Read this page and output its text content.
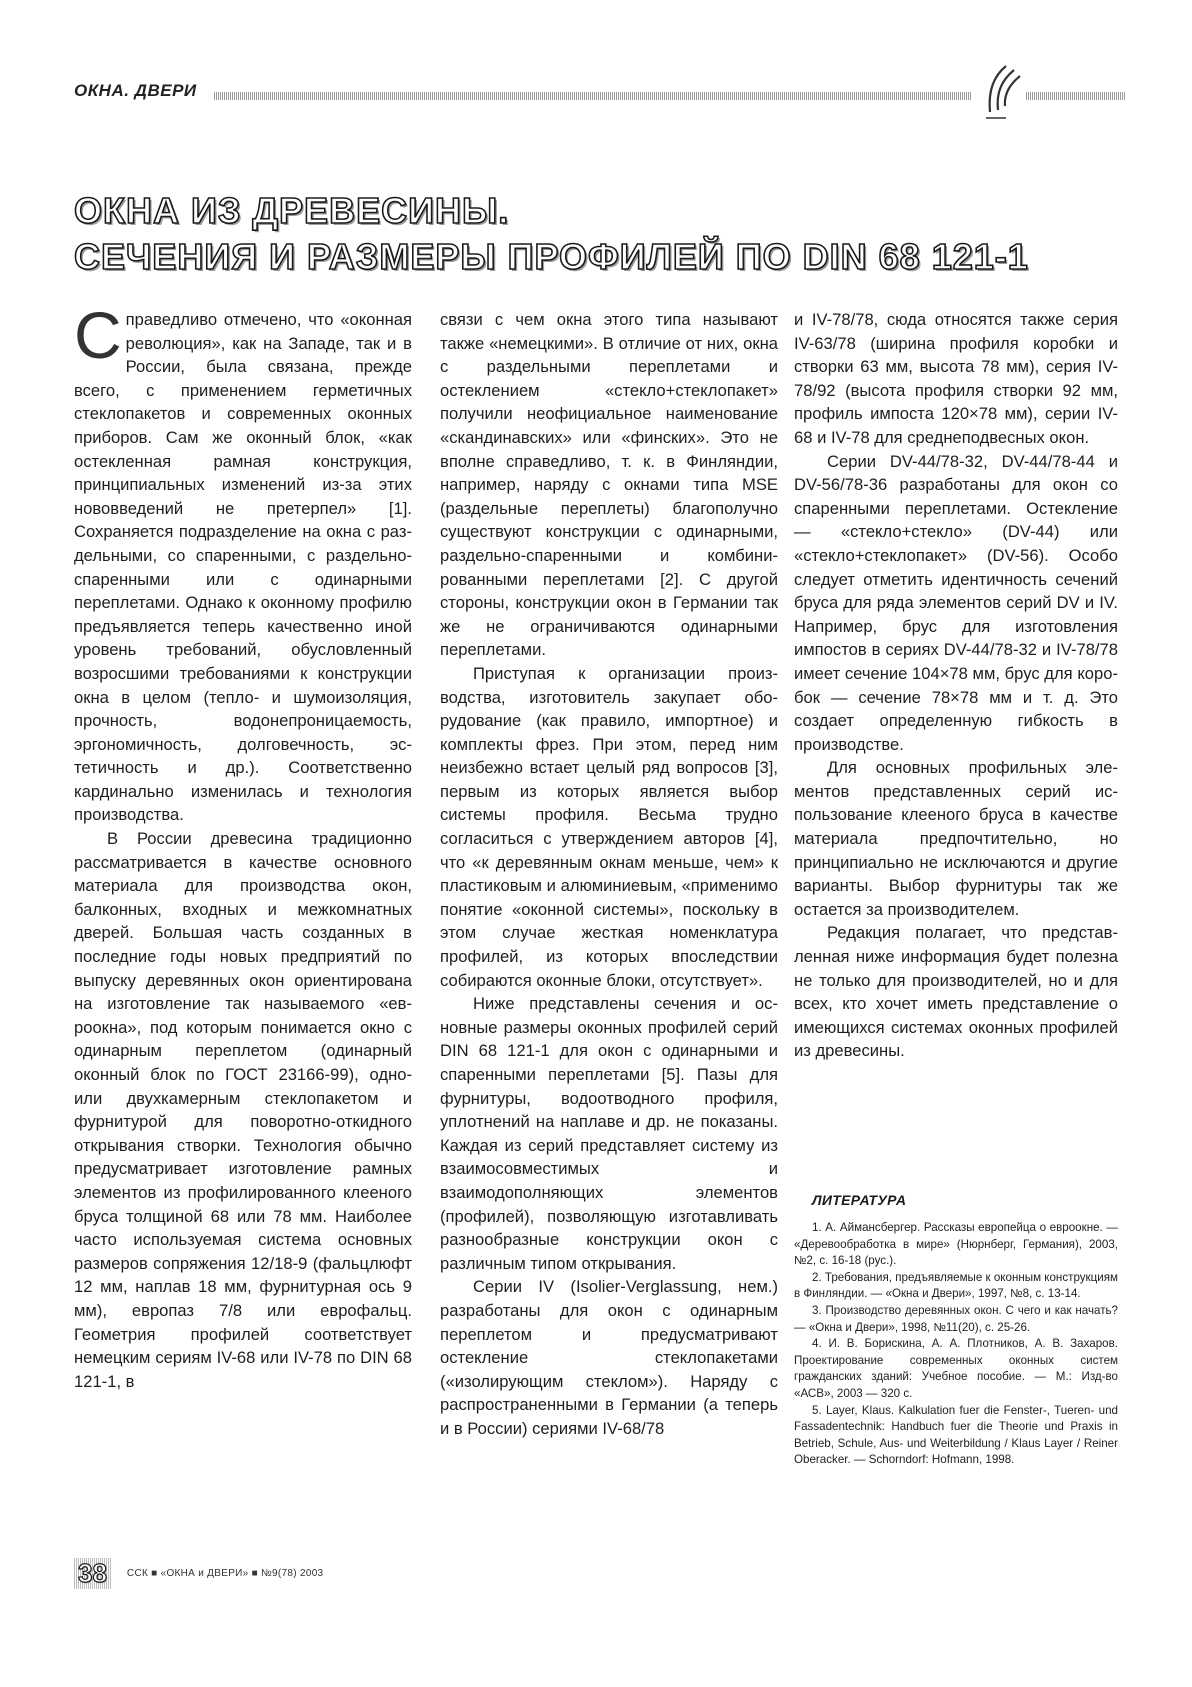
ОКНА. ДВЕРИ
ОКНА ИЗ ДРЕВЕСИНЫ.
СЕЧЕНИЯ И РАЗМЕРЫ ПРОФИЛЕЙ ПО DIN 68 121-1

Справедливо отмечено, что «оконная революция», как на Западе, так и в России, была связана, прежде всего, с применением герметичных стеклопакетов и современных оконных приборов. Сам же оконный блок, «как остекленная рамная конструкция, принципиальных изменений из-за этих нововведений не претерпел» [1]. Сохраняется подразделение на окна с раздельными, со спаренными, с раздельно-спаренными или с одинарными переплетами. Однако к оконному профилю предъявляется теперь качественно иной уровень требований, обусловленный возросшими требованиями к конструкции окна в целом (тепло- и шумоизоляция, прочность, водонепроницаемость, эргономичность, долговечность, эстетичность и др.). Соответственно кардинально изменилась и технология производства.

В России древесина традиционно рассматривается в качестве основного материала для производства окон, балконных, входных и межкомнатных дверей. Большая часть созданных в последние годы новых предприятий по выпуску деревянных окон ориентирована на изготовление так называемого «евроокна», под которым понимается окно с одинарным переплетом (одинарный оконный блок по ГОСТ 23166-99), одно- или двухкамерным стеклопакетом и фурнитурой для поворотно-откидного открывания створки. Технология обычно предусматривает изготовление рамных элементов из профилированного клееного бруса толщиной 68 или 78 мм. Наиболее часто используемая система основных размеров сопряжения 12/18-9 (фальцлюфт 12 мм, наплав 18 мм, фурнитурная ось 9 мм), европаз 7/8 или еврофальц. Геометрия профилей соответствует немецким сериям IV-68 или IV-78 по DIN 68 121-1, в

связи с чем окна этого типа называют также «немецкими». В отличие от них, окна с раздельными переплетами и остеклением «стекло+стеклопакет» получили неофициальное наименование «скандинавских» или «финских». Это не вполне справедливо, т. к. в Финляндии, например, наряду с окнами типа MSE (раздельные переплеты) благополучно существуют конструкции с одинарными, раздельно-спаренными и комбинированными переплетами [2]. С другой стороны, конструкции окон в Германии так же не ограничиваются одинарными переплетами.

Приступая к организации производства, изготовитель закупает оборудование (как правило, импортное) и комплекты фрез. При этом, перед ним неизбежно встает целый ряд вопросов [3], первым из которых является выбор системы профиля. Весьма трудно согласиться с утверждением авторов [4], что «к деревянным окнам меньше, чем» к пластиковым и алюминиевым, «применимо понятие «оконной системы», поскольку в этом случае жесткая номенклатура профилей, из которых впоследствии собираются оконные блоки, отсутствует».

Ниже представлены сечения и основные размеры оконных профилей серий DIN 68 121-1 для окон с одинарными и спаренными переплетами [5]. Пазы для фурнитуры, водоотводного профиля, уплотнений на наплаве и др. не показаны. Каждая из серий представляет систему из взаимосовместимых и взаимодополняющих элементов (профилей), позволяющую изготавливать разнообразные конструкции окон с различным типом открывания.

Серии IV (Isolier-Verglassung, нем.) разработаны для окон с одинарным переплетом и предусматривают остекление стеклопакетами («изолирующим стеклом»). Наряду с распространенными в Германии (а теперь и в России) сериями IV-68/78

и IV-78/78, сюда относятся также серия IV-63/78 (ширина профиля коробки и створки 63 мм, высота 78 мм), серия IV-78/92 (высота профиля створки 92 мм, профиль импоста 120×78 мм), серии IV-68 и IV-78 для среднеподвесных окон.

Серии DV-44/78-32, DV-44/78-44 и DV-56/78-36 разработаны для окон со спаренными переплетами. Остекление — «стекло+стекло» (DV-44) или «стекло+стеклопакет» (DV-56). Особо следует отметить идентичность сечений бруса для ряда элементов серий DV и IV. Например, брус для изготовления импостов в сериях DV-44/78-32 и IV-78/78 имеет сечение 104×78 мм, брус для коробок — сечение 78×78 мм и т. д. Это создает определенную гибкость в производстве.

Для основных профильных элементов представленных серий использование клееного бруса в качестве материала предпочтительно, но принципиально не исключаются и другие варианты. Выбор фурнитуры так же остается за производителем.

Редакция полагает, что представленная ниже информация будет полезна не только для производителей, но и для всех, кто хочет иметь представление о имеющихся системах оконных профилей из древесины.

ЛИТЕРАТУРА

1. А. Аймансбергер. Рассказы европейца о евроокне. — «Деревообработка в мире» (Нюрнберг, Германия), 2003, №2, с. 16-18 (рус.).

2. Требования, предъявляемые к оконным конструкциям в Финляндии. — «Окна и Двери», 1997, №8, с. 13-14.

3. Производство деревянных окон. С чего и как начать? — «Окна и Двери», 1998, №11(20), с. 25-26.

4. И. В. Борискина, А. А. Плотников, А. В. Захаров. Проектирование современных оконных систем гражданских зданий: Учебное пособие. — М.: Изд-во «АСВ», 2003 — 320 с.

5. Layer, Klaus. Kalkulation fuer die Fenster-, Tueren- und Fassadentechnik: Handbuch fuer die Theorie und Praxis in Betrieb, Schule, Aus- und Weiterbildung / Klaus Layer / Reiner Oberacker. — Schorndorf: Hofmann, 1998.

38	ССК ■ «ОКНА и ДВЕРИ» ■ №9(78) 2003
